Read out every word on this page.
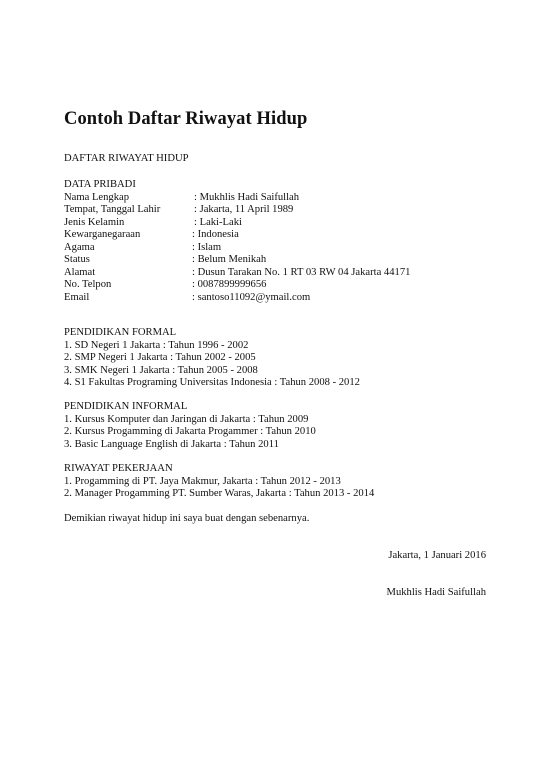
Contoh Daftar Riwayat Hidup
DAFTAR RIWAYAT HIDUP
DATA PRIBADI
Nama Lengkap	: Mukhlis Hadi Saifullah
Tempat, Tanggal Lahir	: Jakarta, 11 April 1989
Jenis Kelamin	: Laki-Laki
Kewarganegaraan	: Indonesia
Agama	: Islam
Status	: Belum Menikah
Alamat	: Dusun Tarakan No. 1 RT 03 RW 04 Jakarta 44171
No. Telpon	: 0087899999656
Email	: santoso11092@ymail.com
PENDIDIKAN FORMAL
1. SD Negeri 1 Jakarta : Tahun 1996 - 2002
2. SMP Negeri 1 Jakarta : Tahun 2002 - 2005
3. SMK Negeri 1 Jakarta : Tahun 2005 - 2008
4. S1 Fakultas Programing Universitas Indonesia : Tahun 2008 - 2012
PENDIDIKAN INFORMAL
1. Kursus Komputer dan Jaringan di Jakarta : Tahun 2009
2. Kursus Progamming di Jakarta Progammer : Tahun 2010
3. Basic Language English di Jakarta : Tahun 2011
RIWAYAT PEKERJAAN
1. Progamming di PT. Jaya Makmur, Jakarta : Tahun 2012 - 2013
2. Manager Progamming PT. Sumber Waras, Jakarta : Tahun 2013 - 2014
Demikian riwayat hidup ini saya buat dengan sebenarnya.
Jakarta, 1 Januari 2016
Mukhlis Hadi Saifullah
